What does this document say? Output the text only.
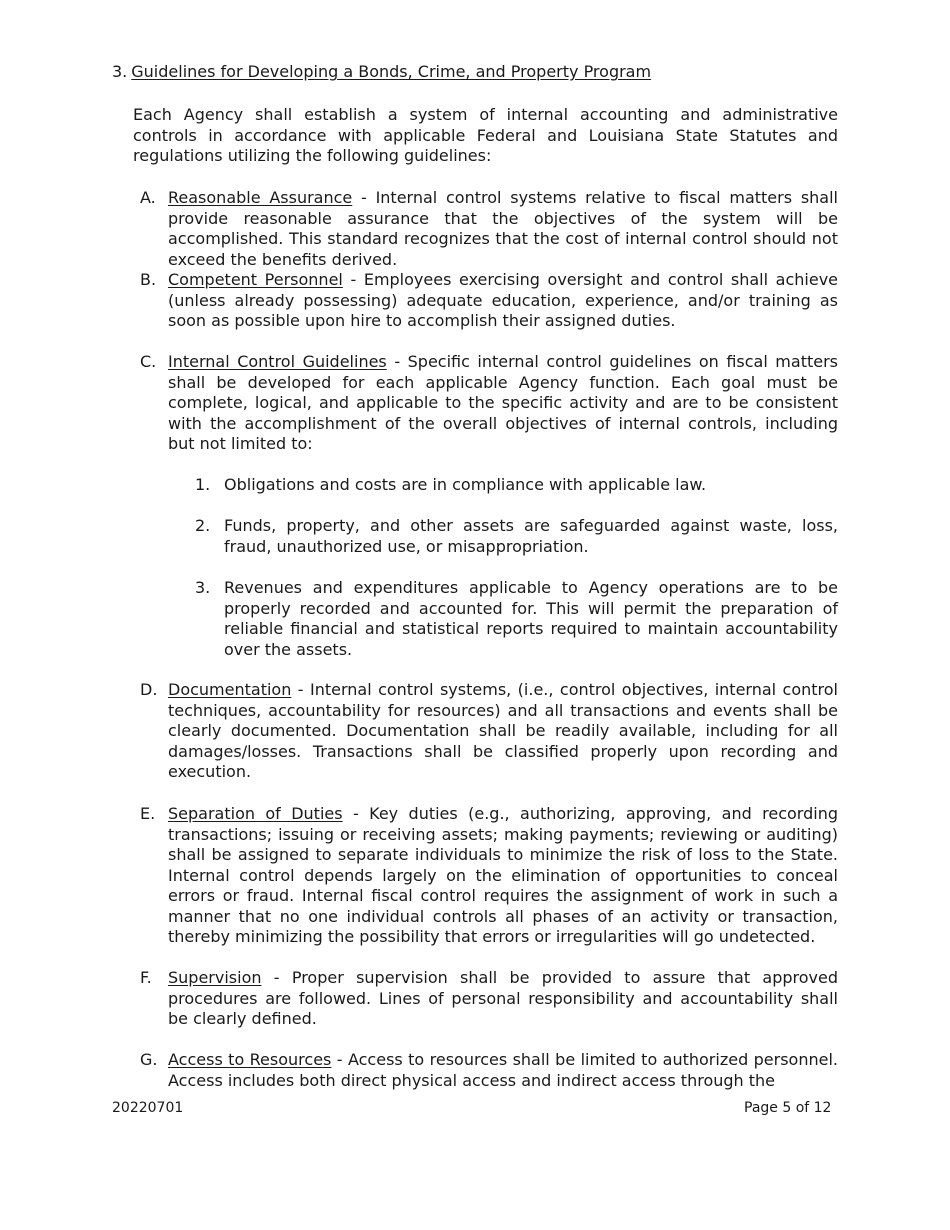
3. Guidelines for Developing a Bonds, Crime, and Property Program
Each Agency shall establish a system of internal accounting and administrative controls in accordance with applicable Federal and Louisiana State Statutes and regulations utilizing the following guidelines:
A. Reasonable Assurance - Internal control systems relative to fiscal matters shall provide reasonable assurance that the objectives of the system will be accomplished. This standard recognizes that the cost of internal control should not exceed the benefits derived.
B. Competent Personnel - Employees exercising oversight and control shall achieve (unless already possessing) adequate education, experience, and/or training as soon as possible upon hire to accomplish their assigned duties.
C. Internal Control Guidelines - Specific internal control guidelines on fiscal matters shall be developed for each applicable Agency function. Each goal must be complete, logical, and applicable to the specific activity and are to be consistent with the accomplishment of the overall objectives of internal controls, including but not limited to:
1. Obligations and costs are in compliance with applicable law.
2. Funds, property, and other assets are safeguarded against waste, loss, fraud, unauthorized use, or misappropriation.
3. Revenues and expenditures applicable to Agency operations are to be properly recorded and accounted for. This will permit the preparation of reliable financial and statistical reports required to maintain accountability over the assets.
D. Documentation - Internal control systems, (i.e., control objectives, internal control techniques, accountability for resources) and all transactions and events shall be clearly documented. Documentation shall be readily available, including for all damages/losses. Transactions shall be classified properly upon recording and execution.
E. Separation of Duties - Key duties (e.g., authorizing, approving, and recording transactions; issuing or receiving assets; making payments; reviewing or auditing) shall be assigned to separate individuals to minimize the risk of loss to the State. Internal control depends largely on the elimination of opportunities to conceal errors or fraud. Internal fiscal control requires the assignment of work in such a manner that no one individual controls all phases of an activity or transaction, thereby minimizing the possibility that errors or irregularities will go undetected.
F. Supervision - Proper supervision shall be provided to assure that approved procedures are followed. Lines of personal responsibility and accountability shall be clearly defined.
G. Access to Resources - Access to resources shall be limited to authorized personnel. Access includes both direct physical access and indirect access through the
20220701	Page 5 of 12
